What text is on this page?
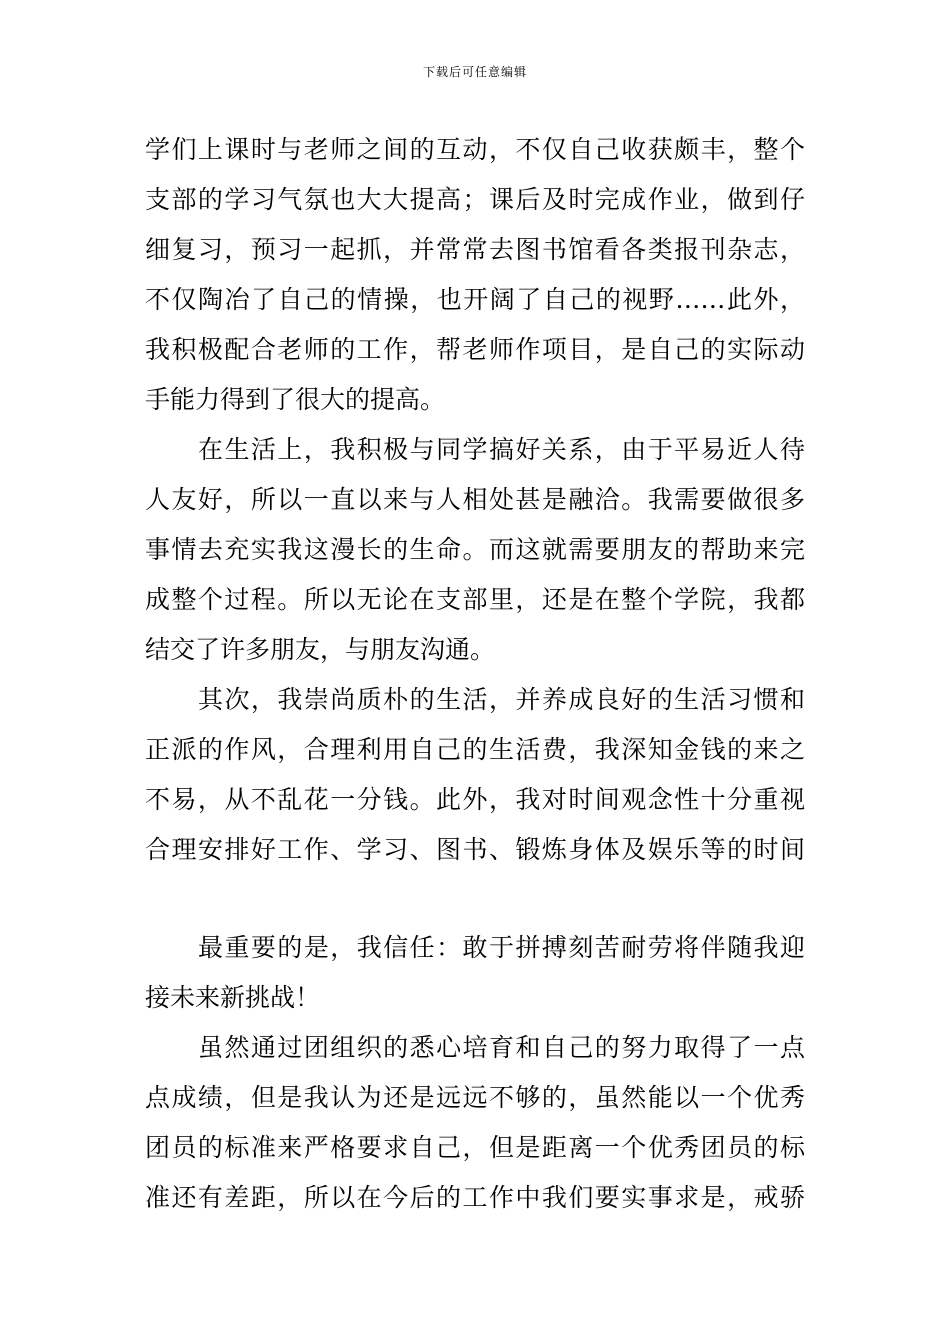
下载后可任意编辑
学们上课时与老师之间的互动，不仅自己收获颇丰，整个
支部的学习气氛也大大提高；课后及时完成作业，做到仔
细复习，预习一起抓，并常常去图书馆看各类报刊杂志，
不仅陶冶了自己的情操，也开阔了自己的视野……此外，
我积极配合老师的工作，帮老师作项目，是自己的实际动
手能力得到了很大的提高。
在生活上，我积极与同学搞好关系，由于平易近人待
人友好，所以一直以来与人相处甚是融洽。我需要做很多
事情去充实我这漫长的生命。而这就需要朋友的帮助来完
成整个过程。所以无论在支部里，还是在整个学院，我都
结交了许多朋友，与朋友沟通。
其次，我崇尚质朴的生活，并养成良好的生活习惯和
正派的作风，合理利用自己的生活费，我深知金钱的来之
不易，从不乱花一分钱。此外，我对时间观念性十分重视
合理安排好工作、学习、图书、锻炼身体及娱乐等的时间
最重要的是，我信任：敢于拼搏刻苦耐劳将伴随我迎
接未来新挑战！
虽然通过团组织的悉心培育和自己的努力取得了一点
点成绩，但是我认为还是远远不够的，虽然能以一个优秀
团员的标准来严格要求自己，但是距离一个优秀团员的标
准还有差距，所以在今后的工作中我们要实事求是，戒骄
